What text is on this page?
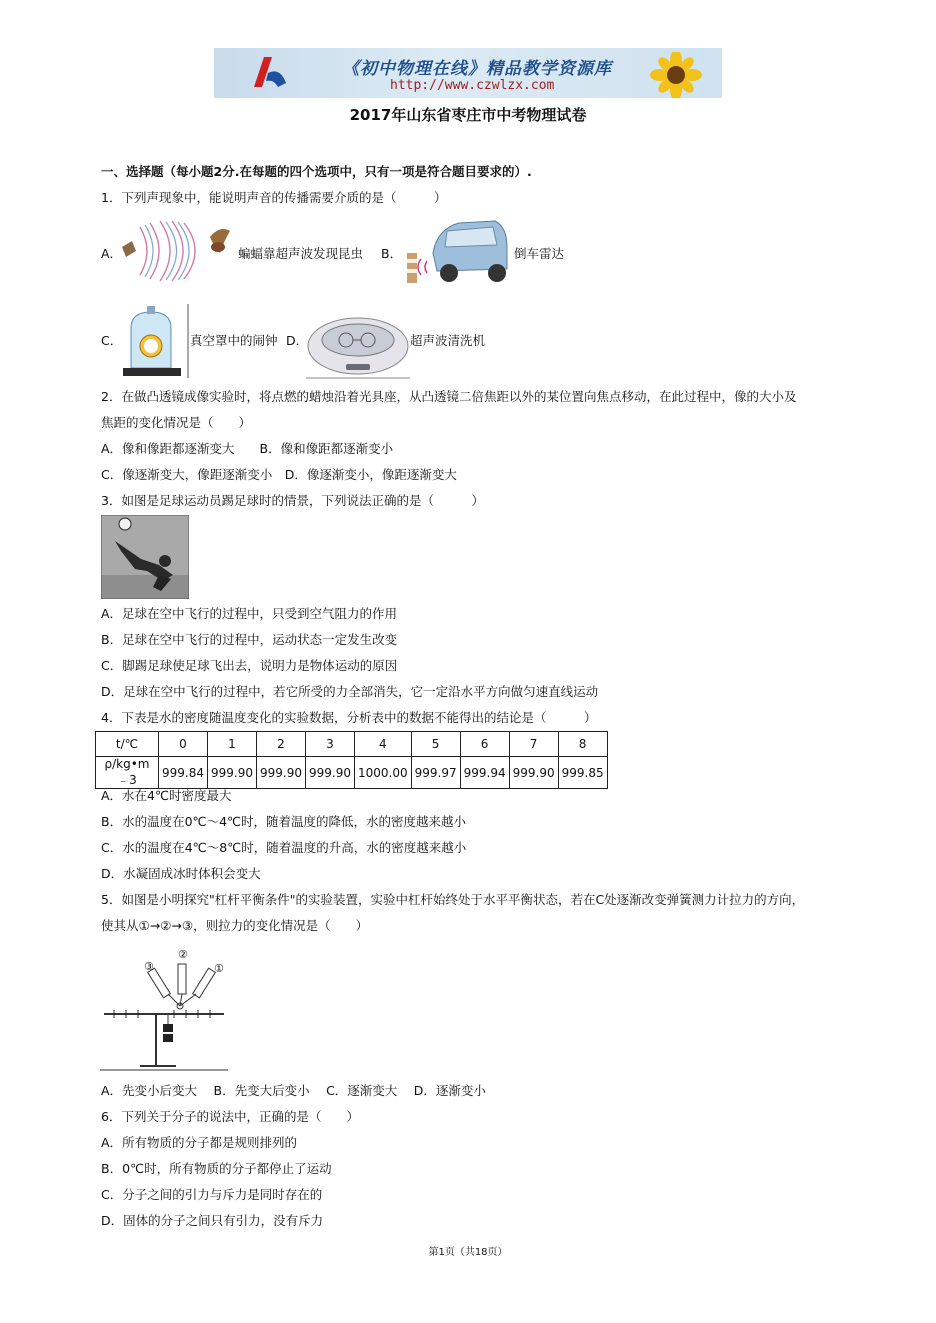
《初中物理在线》精品教学资源库
http://www.czwlzx.com
2017年山东省枣庄市中考物理试卷
一、选择题（每小题2分.在每题的四个选项中，只有一项是符合题目要求的）.
1．下列声现象中，能说明声音的传播需要介质的是（　　　）
A．	蝙蝠靠超声波发现昆虫 B．	倒车雷达
C．	真空罩中的闹钟 D．	超声波清洗机
2．在做凸透镜成像实验时，将点燃的蜡烛沿着光具座，从凸透镜二倍焦距以外的某位置向焦点移动，在此过程中，像的大小及
焦距的变化情况是（　　）
A．像和像距都逐渐变大　　B．像和像距都逐渐变小
C．像逐渐变大，像距逐渐变小　D．像逐渐变小，像距逐渐变大
3．如图是足球运动员踢足球时的情景，下列说法正确的是（　　　）
A．足球在空中飞行的过程中，只受到空气阻力的作用
B．足球在空中飞行的过程中，运动状态一定发生改变
C．脚踢足球使足球飞出去，说明力是物体运动的原因
D．足球在空中飞行的过程中，若它所受的力全部消失，它一定沿水平方向做匀速直线运动
4．下表是水的密度随温度变化的实验数据，分析表中的数据不能得出的结论是（　　　）
t/℃	0	1	2	3	4	5	6	7	8
ρ/kg•m﹣3	999.84	999.90	999.90	999.90	1000.00	999.97	999.94	999.90	999.85
A．水在4℃时密度最大
B．水的温度在0℃～4℃时，随着温度的降低，水的密度越来越小
C．水的温度在4℃～8℃时，随着温度的升高，水的密度越来越小
D．水凝固成冰时体积会变大
5．如图是小明探究"杠杆平衡条件"的实验装置，实验中杠杆始终处于水平平衡状态，若在C处逐渐改变弹簧测力计拉力的方向，
使其从①→②→③，则拉力的变化情况是（　　）
③
②
①
A．先变小后变大　 B．先变大后变小　 C．逐渐变大　 D．逐渐变小
6．下列关于分子的说法中，正确的是（　　）
A．所有物质的分子都是规则排列的
B．0℃时，所有物质的分子都停止了运动
C．分子之间的引力与斥力是同时存在的
D．固体的分子之间只有引力，没有斥力
第1页（共18页）
